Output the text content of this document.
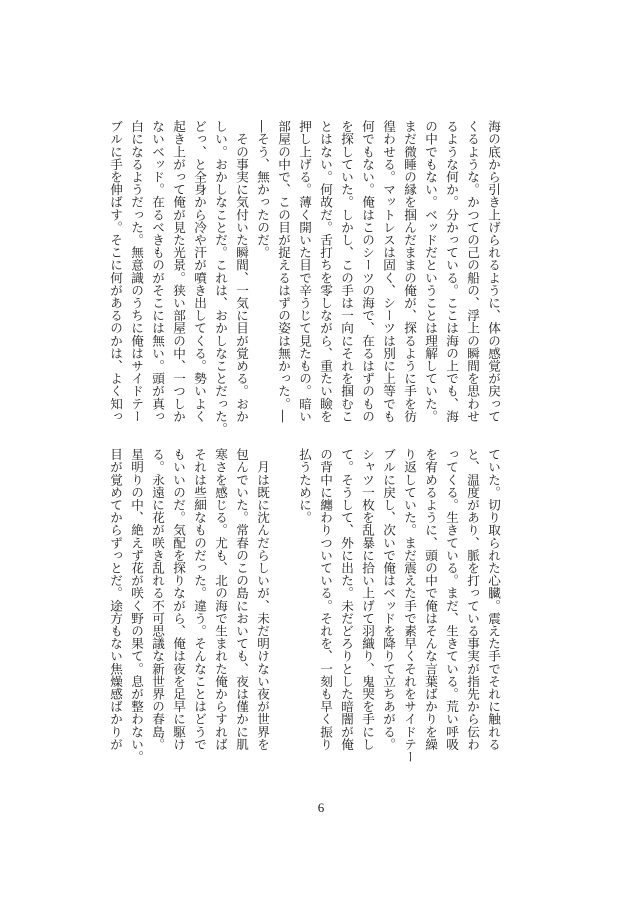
海の底から引き上げられるように、体の感覚が戻って
くるような。かつての己の船の、浮上の瞬間を思わせ
るような何か。分かっている。ここは海の上でも、海
の中でもない。ベッドだということは理解していた。
まだ微睡の縁を掴んだままの俺が、探るように手を彷
徨わせる。マットレスは固く、シーツは別に上等でも
何でもない。俺はこのシーツの海で、在るはずのもの
を探していた。しかし、この手は一向にそれを掴むこ
とはない。何故だ。舌打ちを零しながら、重たい瞼を
押し上げる。薄く開いた目で辛うじて見たもの。暗い
部屋の中で、この目が捉えるはずの姿は無かった。―
―そう、無かったのだ。
　その事実に気付いた瞬間、一気に目が覚める。おか
しい。おかしなことだ。これは、おかしなことだった。
どっ、と全身から冷や汗が噴き出してくる。勢いよく
起き上がって俺が見た光景。狭い部屋の中、一つしか
ないベッド。在るべきものがそこには無い。頭が真っ
白になるようだった。無意識のうちに俺はサイドテー
ブルに手を伸ばす。そこに何があるのかは、よく知っ
ていた。切り取られた心臓。震えた手でそれに触れる
と、温度があり、脈を打っている事実が指先から伝わ
ってくる。生きている。まだ、生きている。荒い呼吸
を宥めるように、頭の中で俺はそんな言葉ばかりを繰
り返していた。まだ震えた手で素早くそれをサイドテー
ブルに戻し、次いで俺はベッドを降りて立ちあがる。
シャツ一枚を乱暴に拾い上げて羽織り、鬼哭を手にし
て。そうして、外に出た。未だどろりとした暗闇が俺
の背中に纏わりついている。それを、一刻も早く振り
払うために。

　月は既に沈んだらしいが、未だ明けない夜が世界を
包んでいた。常春のこの島においても、夜は僅かに肌
寒さを感じる。尤も、北の海で生まれた俺からすれば
それは些細なものだった。違う。そんなことはどうで
もいいのだ。気配を探りながら、俺は夜を足早に駆け
る。永遠に花が咲き乱れる不可思議な新世界の春島。
星明りの中、絶えず花が咲く野の果て。息が整わない。
目が覚めてからずっとだ。途方もない焦燥感ばかりが
6
